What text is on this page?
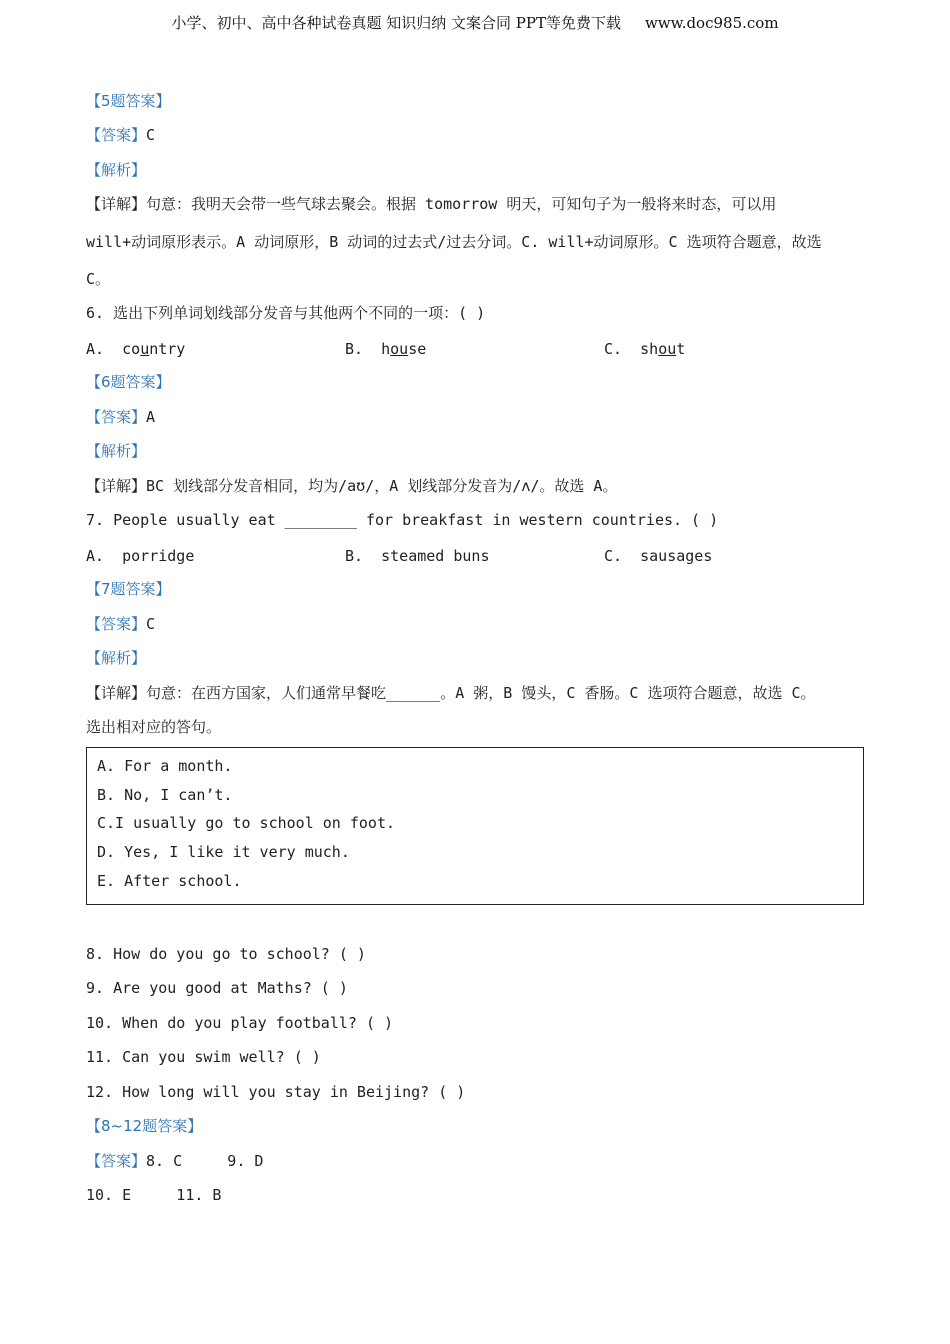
小学、初中、高中各种试卷真题 知识归纳 文案合同 PPT等免费下载 www.doc985.com
【5题答案】
【答案】C
【解析】
【详解】句意：我明天会带一些气球去聚会。根据 tomorrow 明天，可知句子为一般将来时态，可以用
will+动词原形表示。A 动词原形，B 动词的过去式/过去分词。C. will+动词原形。C 选项符合题意，故选
C。
6. 选出下列单词划线部分发音与其他两个不同的一项：( )
A. country	B. house	C. shout
【6题答案】
【答案】A
【解析】
【详解】BC 划线部分发音相同，均为/aʊ/，A 划线部分发音为/ʌ/。故选 A。
7. People usually eat ________ for breakfast in western countries. ( )
A. porridge	B. steamed buns	C. sausages
【7题答案】
【答案】C
【解析】
【详解】句意：在西方国家，人们通常早餐吃______。A 粥，B 馒头，C 香肠。C 选项符合题意，故选 C。
选出相对应的答句。
A. For a month.
B. No, I can’t.
C.I usually go to school on foot.
D. Yes, I like it very much.
E. After school.
8. How do you go to school? ( )
9. Are you good at Maths? ( )
10. When do you play football? ( )
11. Can you swim well? ( )
12. How long will you stay in Beijing? ( )
【8~12题答案】
【答案】8. C     9. D
10. E     11. B
